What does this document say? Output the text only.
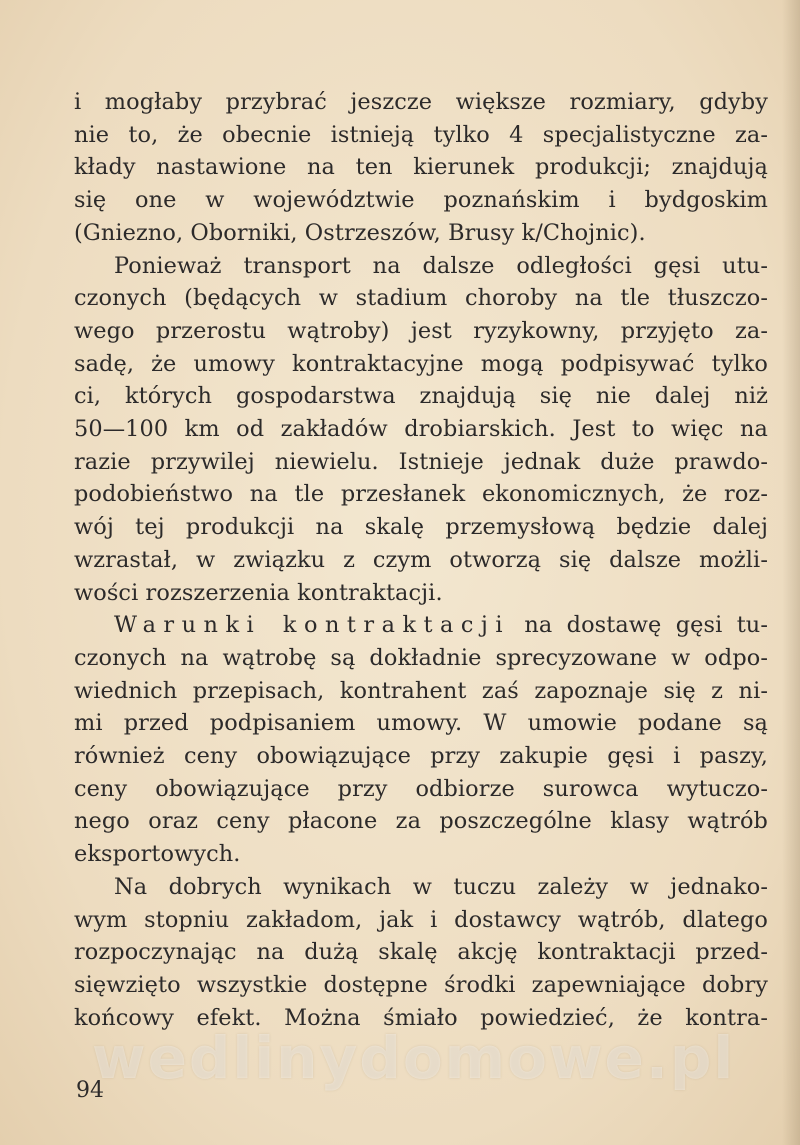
i mogłaby przybrać jeszcze większe rozmiary, gdyby
nie to, że obecnie istnieją tylko 4 specjalistyczne za-
kłady nastawione na ten kierunek produkcji; znajdują
się one w województwie poznańskim i bydgoskim
(Gniezno, Oborniki, Ostrzeszów, Brusy k/Chojnic).
Ponieważ transport na dalsze odległości gęsi utu-
czonych (będących w stadium choroby na tle tłuszczo-
wego przerostu wątroby) jest ryzykowny, przyjęto za-
sadę, że umowy kontraktacyjne mogą podpisywać tylko
ci, których gospodarstwa znajdują się nie dalej niż
50—100 km od zakładów drobiarskich. Jest to więc na
razie przywilej niewielu. Istnieje jednak duże prawdo-
podobieństwo na tle przesłanek ekonomicznych, że roz-
wój tej produkcji na skalę przemysłową będzie dalej
wzrastał, w związku z czym otworzą się dalsze możli-
wości rozszerzenia kontraktacji.
Warunki kontraktacji na dostawę gęsi tu-
czonych na wątrobę są dokładnie sprecyzowane w odpo-
wiednich przepisach, kontrahent zaś zapoznaje się z ni-
mi przed podpisaniem umowy. W umowie podane są
również ceny obowiązujące przy zakupie gęsi i paszy,
ceny obowiązujące przy odbiorze surowca wytuczo-
nego oraz ceny płacone za poszczególne klasy wątrób
eksportowych.
Na dobrych wynikach w tuczu zależy w jednako-
wym stopniu zakładom, jak i dostawcy wątrób, dlatego
rozpoczynając na dużą skalę akcję kontraktacji przed-
sięwzięto wszystkie dostępne środki zapewniające dobry
końcowy efekt. Można śmiało powiedzieć, że kontra-
wedlinydomowe.pl
94
